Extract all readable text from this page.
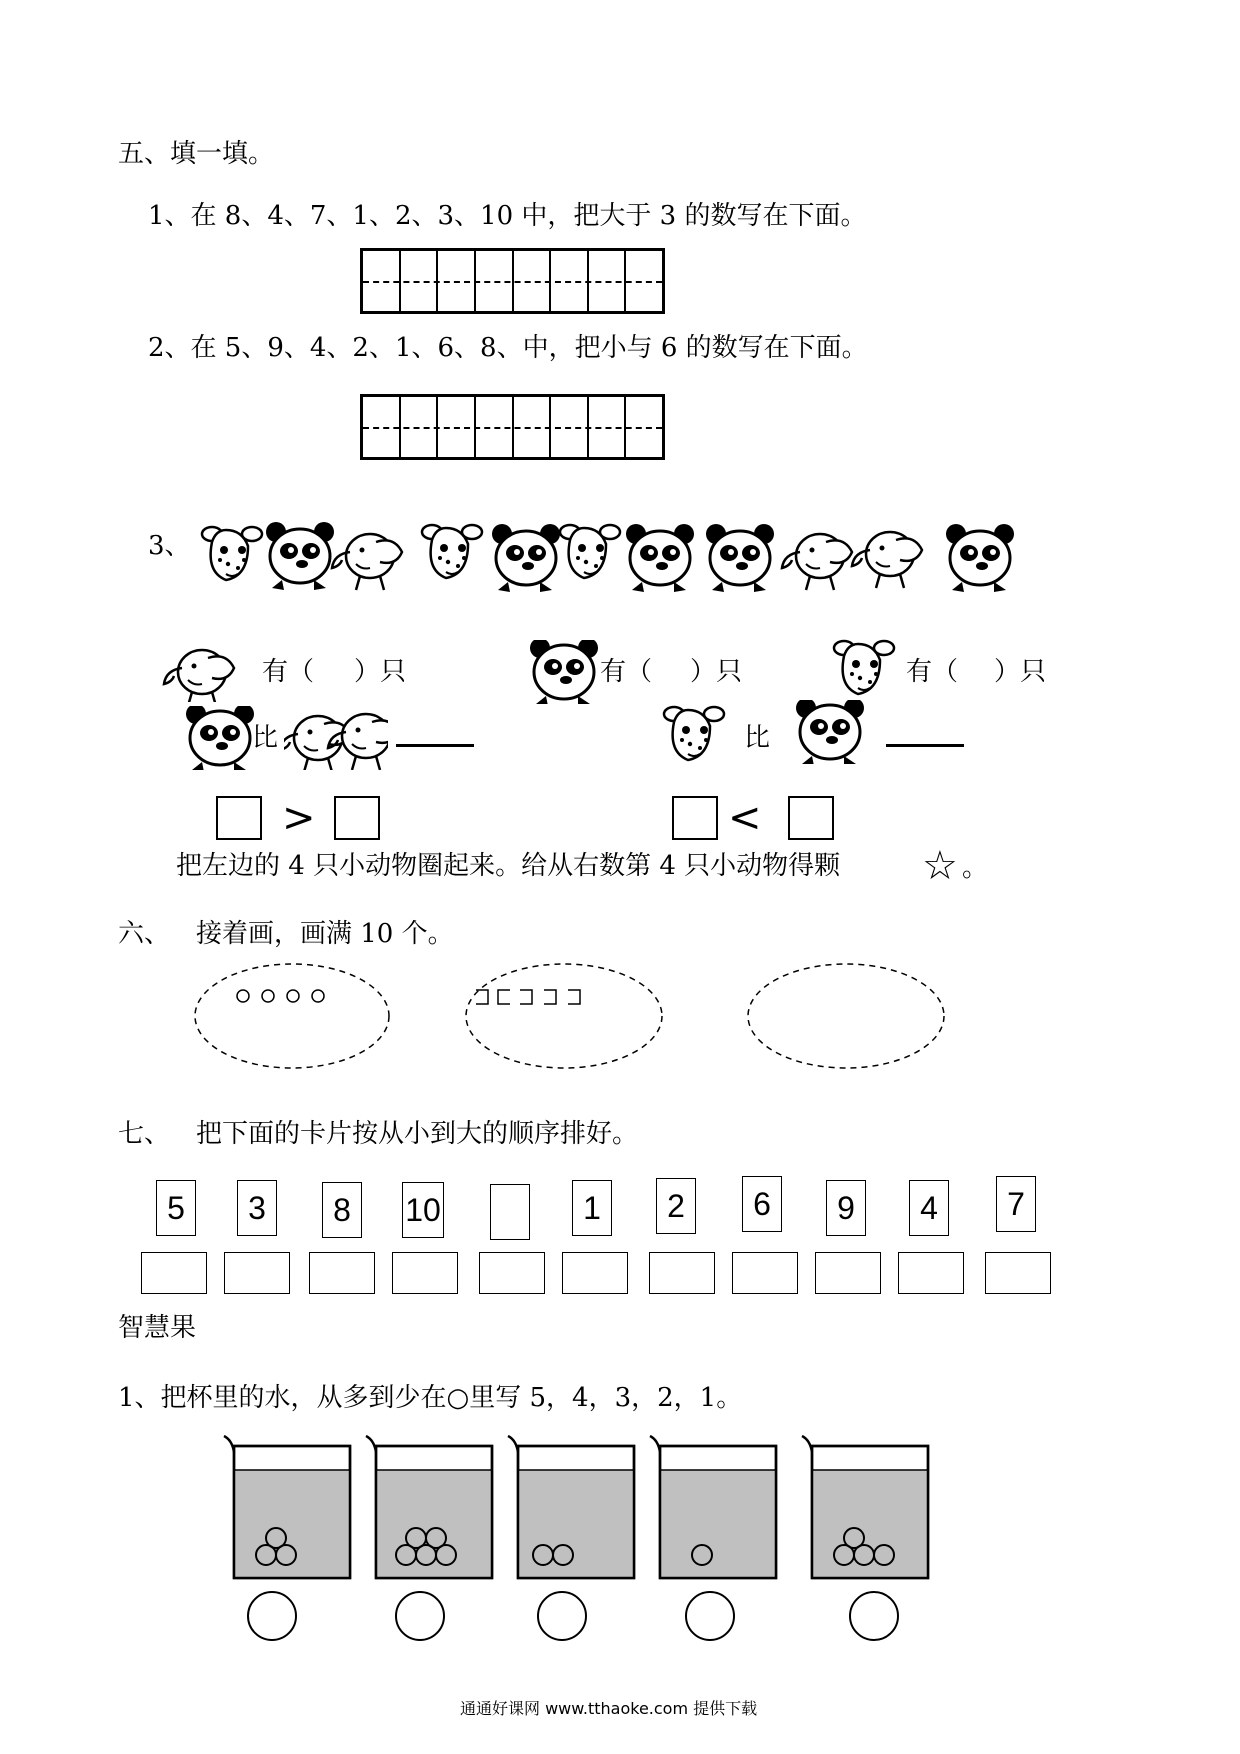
五、填一填。
1、在 8、4、7、1、2、3、10 中，把大于 3 的数写在下面。
2、在 5、9、4、2、1、6、8、中，把小与 6 的数写在下面。
3、
有（ ）只	有（ ）只	有（ ）只
比	比
>	<
把左边的 4 只小动物圈起来。给从右数第 4 只小动物得颗 ☆ 。
六、 接着画，画满 10 个。
七、 把下面的卡片按从小到大的顺序排好。
5	3	8	10	1	2	6	9	4	7
智慧果
1、把杯里的水，从多到少在○里写 5，4，3，2，1。
通通好课网 www.tthaoke.com 提供下载
